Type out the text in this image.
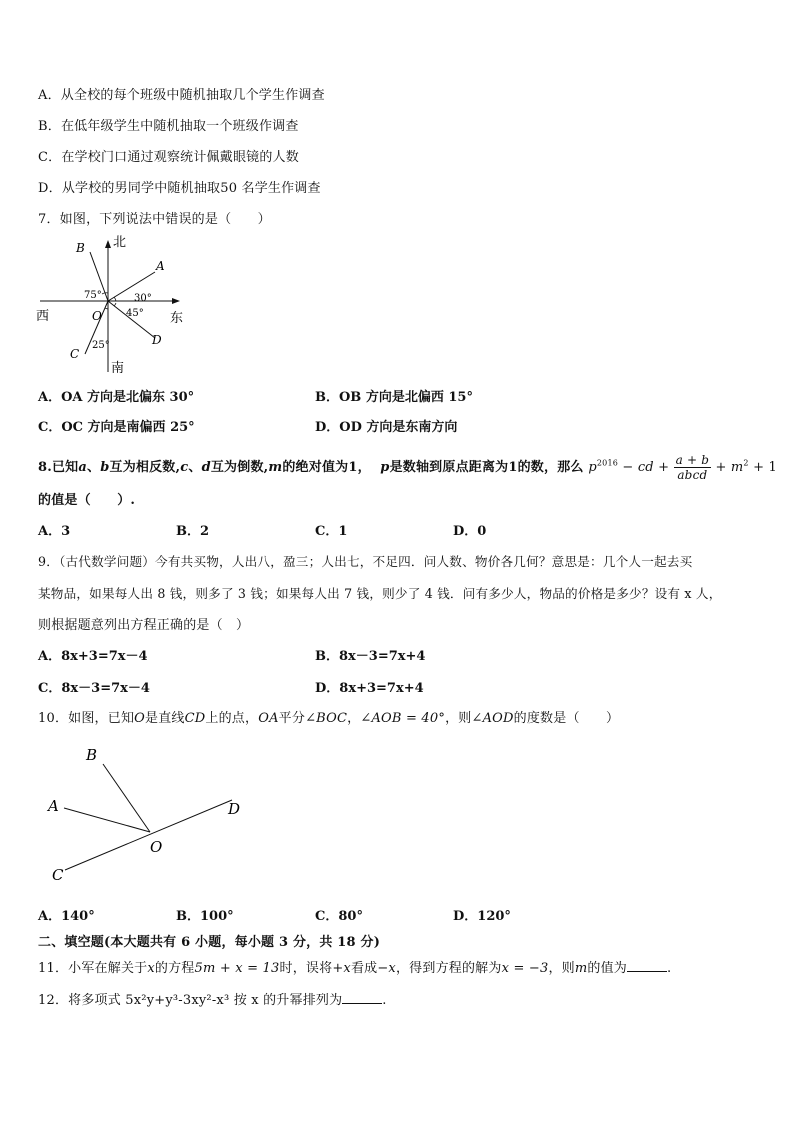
A．从全校的每个班级中随机抽取几个学生作调查
B．在低年级学生中随机抽取一个班级作调查
C．在学校门口通过观察统计佩戴眼镜的人数
D．从学校的男同学中随机抽取50 名学生作调查
7．如图，下列说法中错误的是（　　）
北
南
西	东
O
A
B
C
D
75°	30°
45°
25°
A．OA 方向是北偏东 30°	B．OB 方向是北偏西 15°
C．OC 方向是南偏西 25°	D．OD 方向是东南方向
8.已知a、b互为相反数,c、d互为倒数,m的绝对值为1， p是数轴到原点距离为1的数，那么 $p^{2016}$ − cd + $\frac{a + b}{\text{abcd}} + m^2 + 1$
的值是（　　）.
A．3	B．2	C．1	D．0
9．（古代数学问题）今有共买物，人出八，盈三；人出七，不足四．问人数、物价各几何？意思是：几个人一起去买
某物品，如果每人出 8 钱，则多了 3 钱；如果每人出 7 钱，则少了 4 钱．问有多少人，物品的价格是多少？设有 x 人，
则根据题意列出方程正确的是（　）
A．8x+3=7x－4	B．8x－3=7x+4
C．8x－3=7x－4	D．8x+3=7x+4
10．如图，已知O是直线CD上的点，OA平分∠BOC，∠AOB = 40°，则∠AOD的度数是（　　）
B
A	D
O
C
A．140°	B．100°	C．80°	D．120°
二、填空题(本大题共有 6 小题，每小题 3 分，共 18 分)
11．小军在解关于x的方程5m + x = 13时，误将+x看成−x，得到方程的解为x = −3，则m的值为	.
12．将多项式 5x²y+y³-3xy²-x³ 按 x 的升幂排列为	.
